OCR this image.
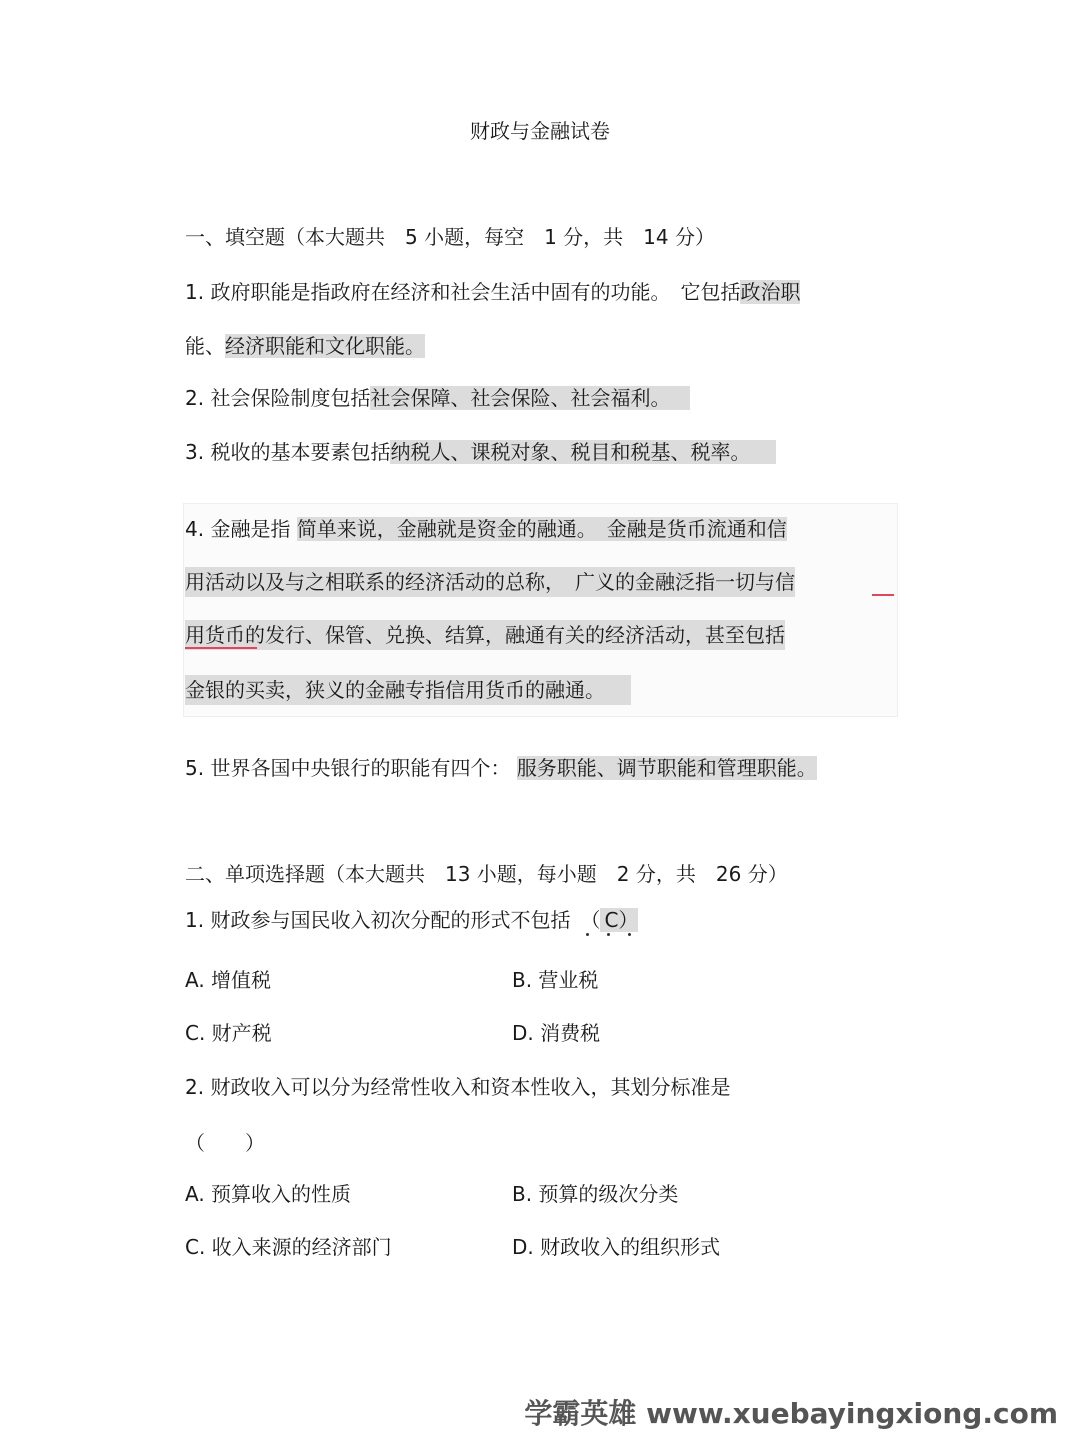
财政与金融试卷
一、填空题（本大题共　5 小题，每空　1 分，共　14 分）
1. 政府职能是指政府在经济和社会生活中固有的功能。　它包括政治职
能、经济职能和文化职能。
2. 社会保险制度包括社会保障、社会保险、社会福利。
3. 税收的基本要素包括纳税人、课税对象、税目和税基、税率。
4. 金融是指 简单来说，金融就是资金的融通。　金融是货币流通和信
用活动以及与之相联系的经济活动的总称，　广义的金融泛指一切与信
用货币的发行、保管、兑换、结算，融通有关的经济活动，甚至包括
金银的买卖，狭义的金融专指信用货币的融通。
5. 世界各国中央银行的职能有四个： 服务职能、调节职能和管理职能。
二、单项选择题（本大题共　13 小题，每小题　2 分，共　26 分）
1. 财政参与国民收入初次分配的形式不包括　（ C）
A. 增值税	B. 营业税
C. 财产税	D. 消费税
2. 财政收入可以分为经常性收入和资本性收入，其划分标准是
（　　）
A. 预算收入的性质	B. 预算的级次分类
C. 收入来源的经济部门	D. 财政收入的组织形式
学霸英雄 www.xuebayingxiong.com
